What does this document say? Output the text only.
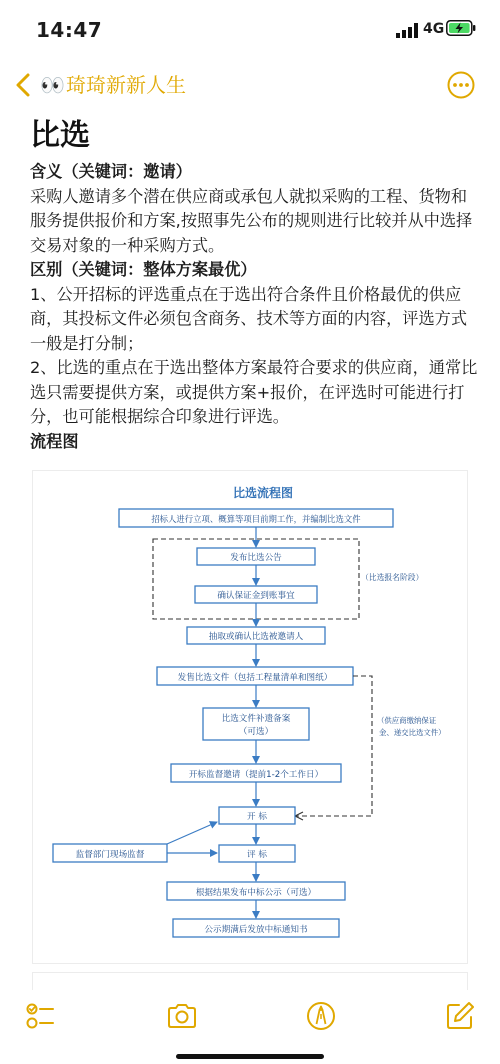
14:47	4G
👀 琦琦新新人生
比选

含义（关键词：邀请）

采购人邀请多个潜在供应商或承包人就拟采购的工程、货物和服务提供报价和方案,按照事先公布的规则进行比较并从中选择交易对象的一种采购方式。

区别（关键词：整体方案最优）

1、公开招标的评选重点在于选出符合条件且价格最优的供应商，其投标文件必须包含商务、技术等方面的内容，评选方式一般是打分制；

2、比选的重点在于选出整体方案最符合要求的供应商，通常比选只需要提供方案，或提供方案+报价，在评选时可能进行打分，也可能根据综合印象进行评选。

流程图

比选流程图
招标人进行立项、概算等项目前期工作，并编制比选文件
（比选报名阶段）
发布比选公告
确认保证金到账事宜
抽取或确认比选被邀请人
发售比选文件（包括工程量清单和图纸）
（供应商缴纳保证
金、递交比选文件）
比选文件补遗备案
（可选）
开标监督邀请（提前1-2个工作日）
开 标
监督部门现场监督	评 标
根据结果发布中标公示（可选）
公示期满后发放中标通知书
